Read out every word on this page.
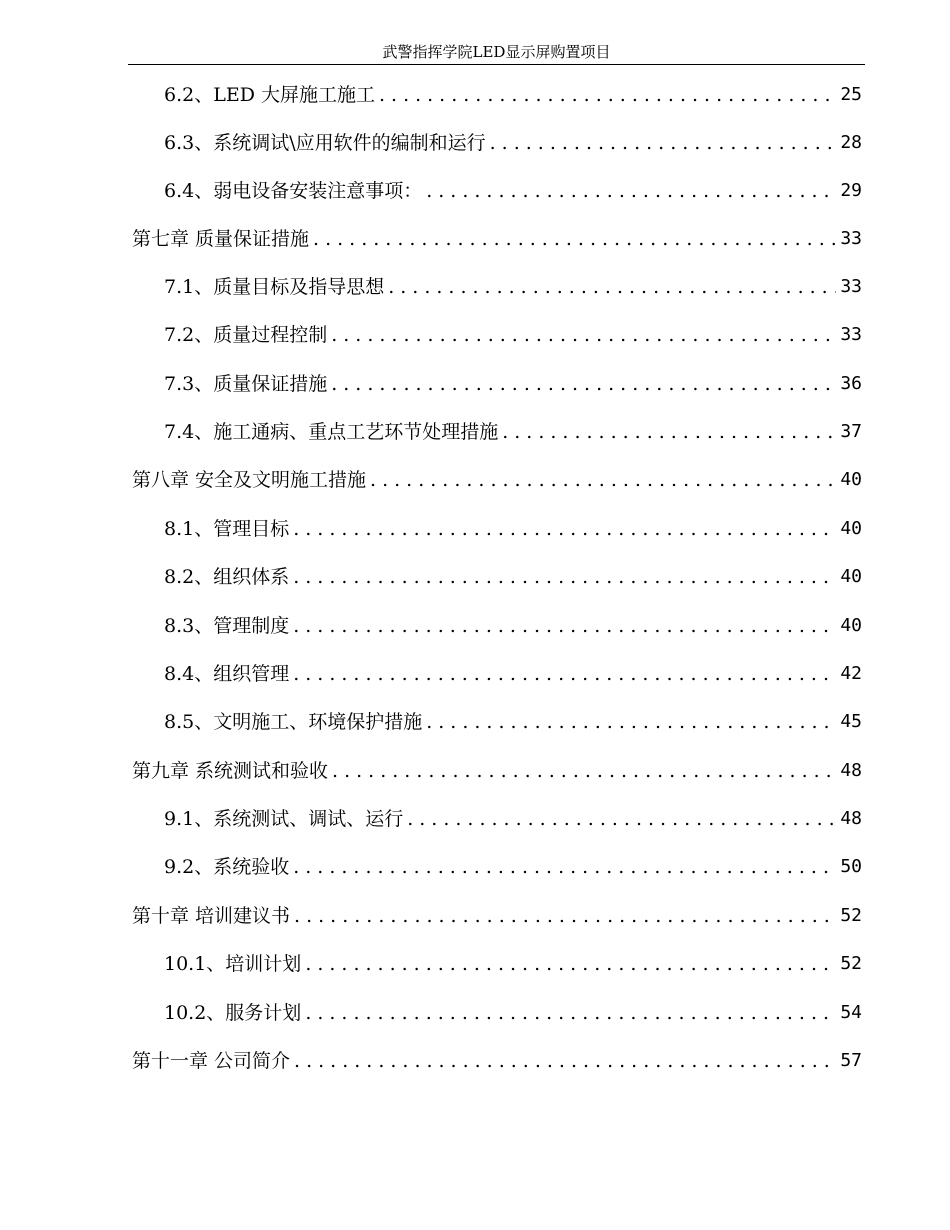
武警指挥学院LED显示屏购置项目
6.2、LED 大屏施工施工 .....	25
6.3、系统调试\应用软件的编制和运行 .....	28
6.4、弱电设备安装注意事项： .....	29
第七章 质量保证措施 .....	33
7.1、质量目标及指导思想 .....	33
7.2、质量过程控制 .....	33
7.3、质量保证措施 .....	36
7.4、施工通病、重点工艺环节处理措施 .....	37
第八章 安全及文明施工措施 .....	40
8.1、管理目标 .....	40
8.2、组织体系 .....	40
8.3、管理制度 .....	40
8.4、组织管理 .....	42
8.5、文明施工、环境保护措施 .....	45
第九章 系统测试和验收 .....	48
9.1、系统测试、调试、运行 .....	48
9.2、系统验收 .....	50
第十章 培训建议书 .....	52
10.1、培训计划 .....	52
10.2、服务计划 .....	54
第十一章 公司简介 .....	57
